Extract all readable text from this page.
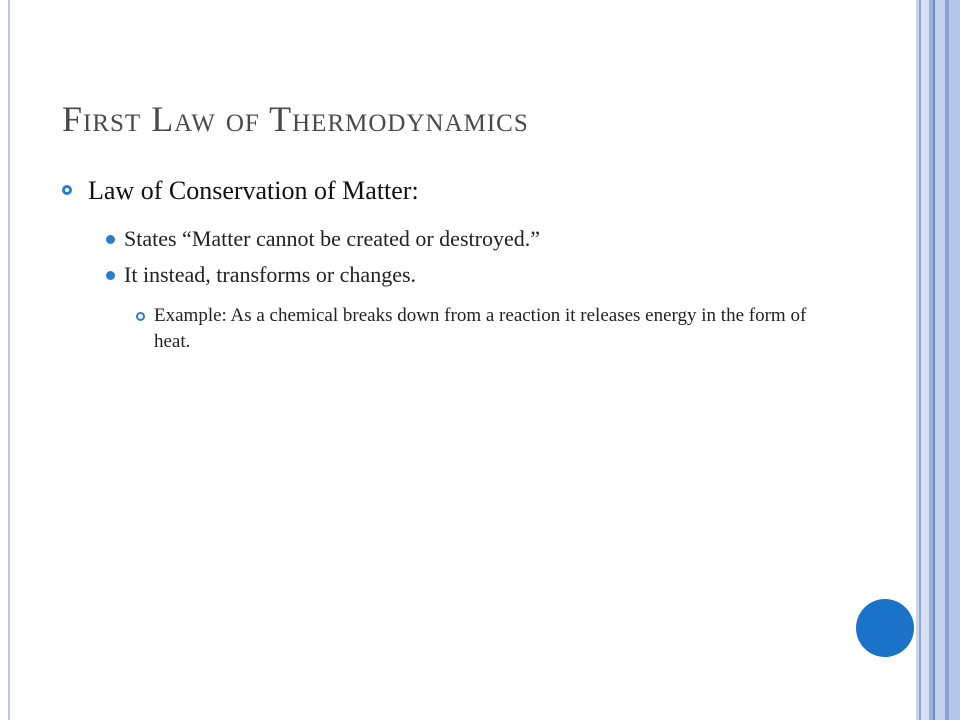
First Law of Thermodynamics
Law of Conservation of Matter:
States “Matter cannot be created or destroyed.”
It instead, transforms or changes.
Example: As a chemical breaks down from a reaction it releases energy in the form of heat.
